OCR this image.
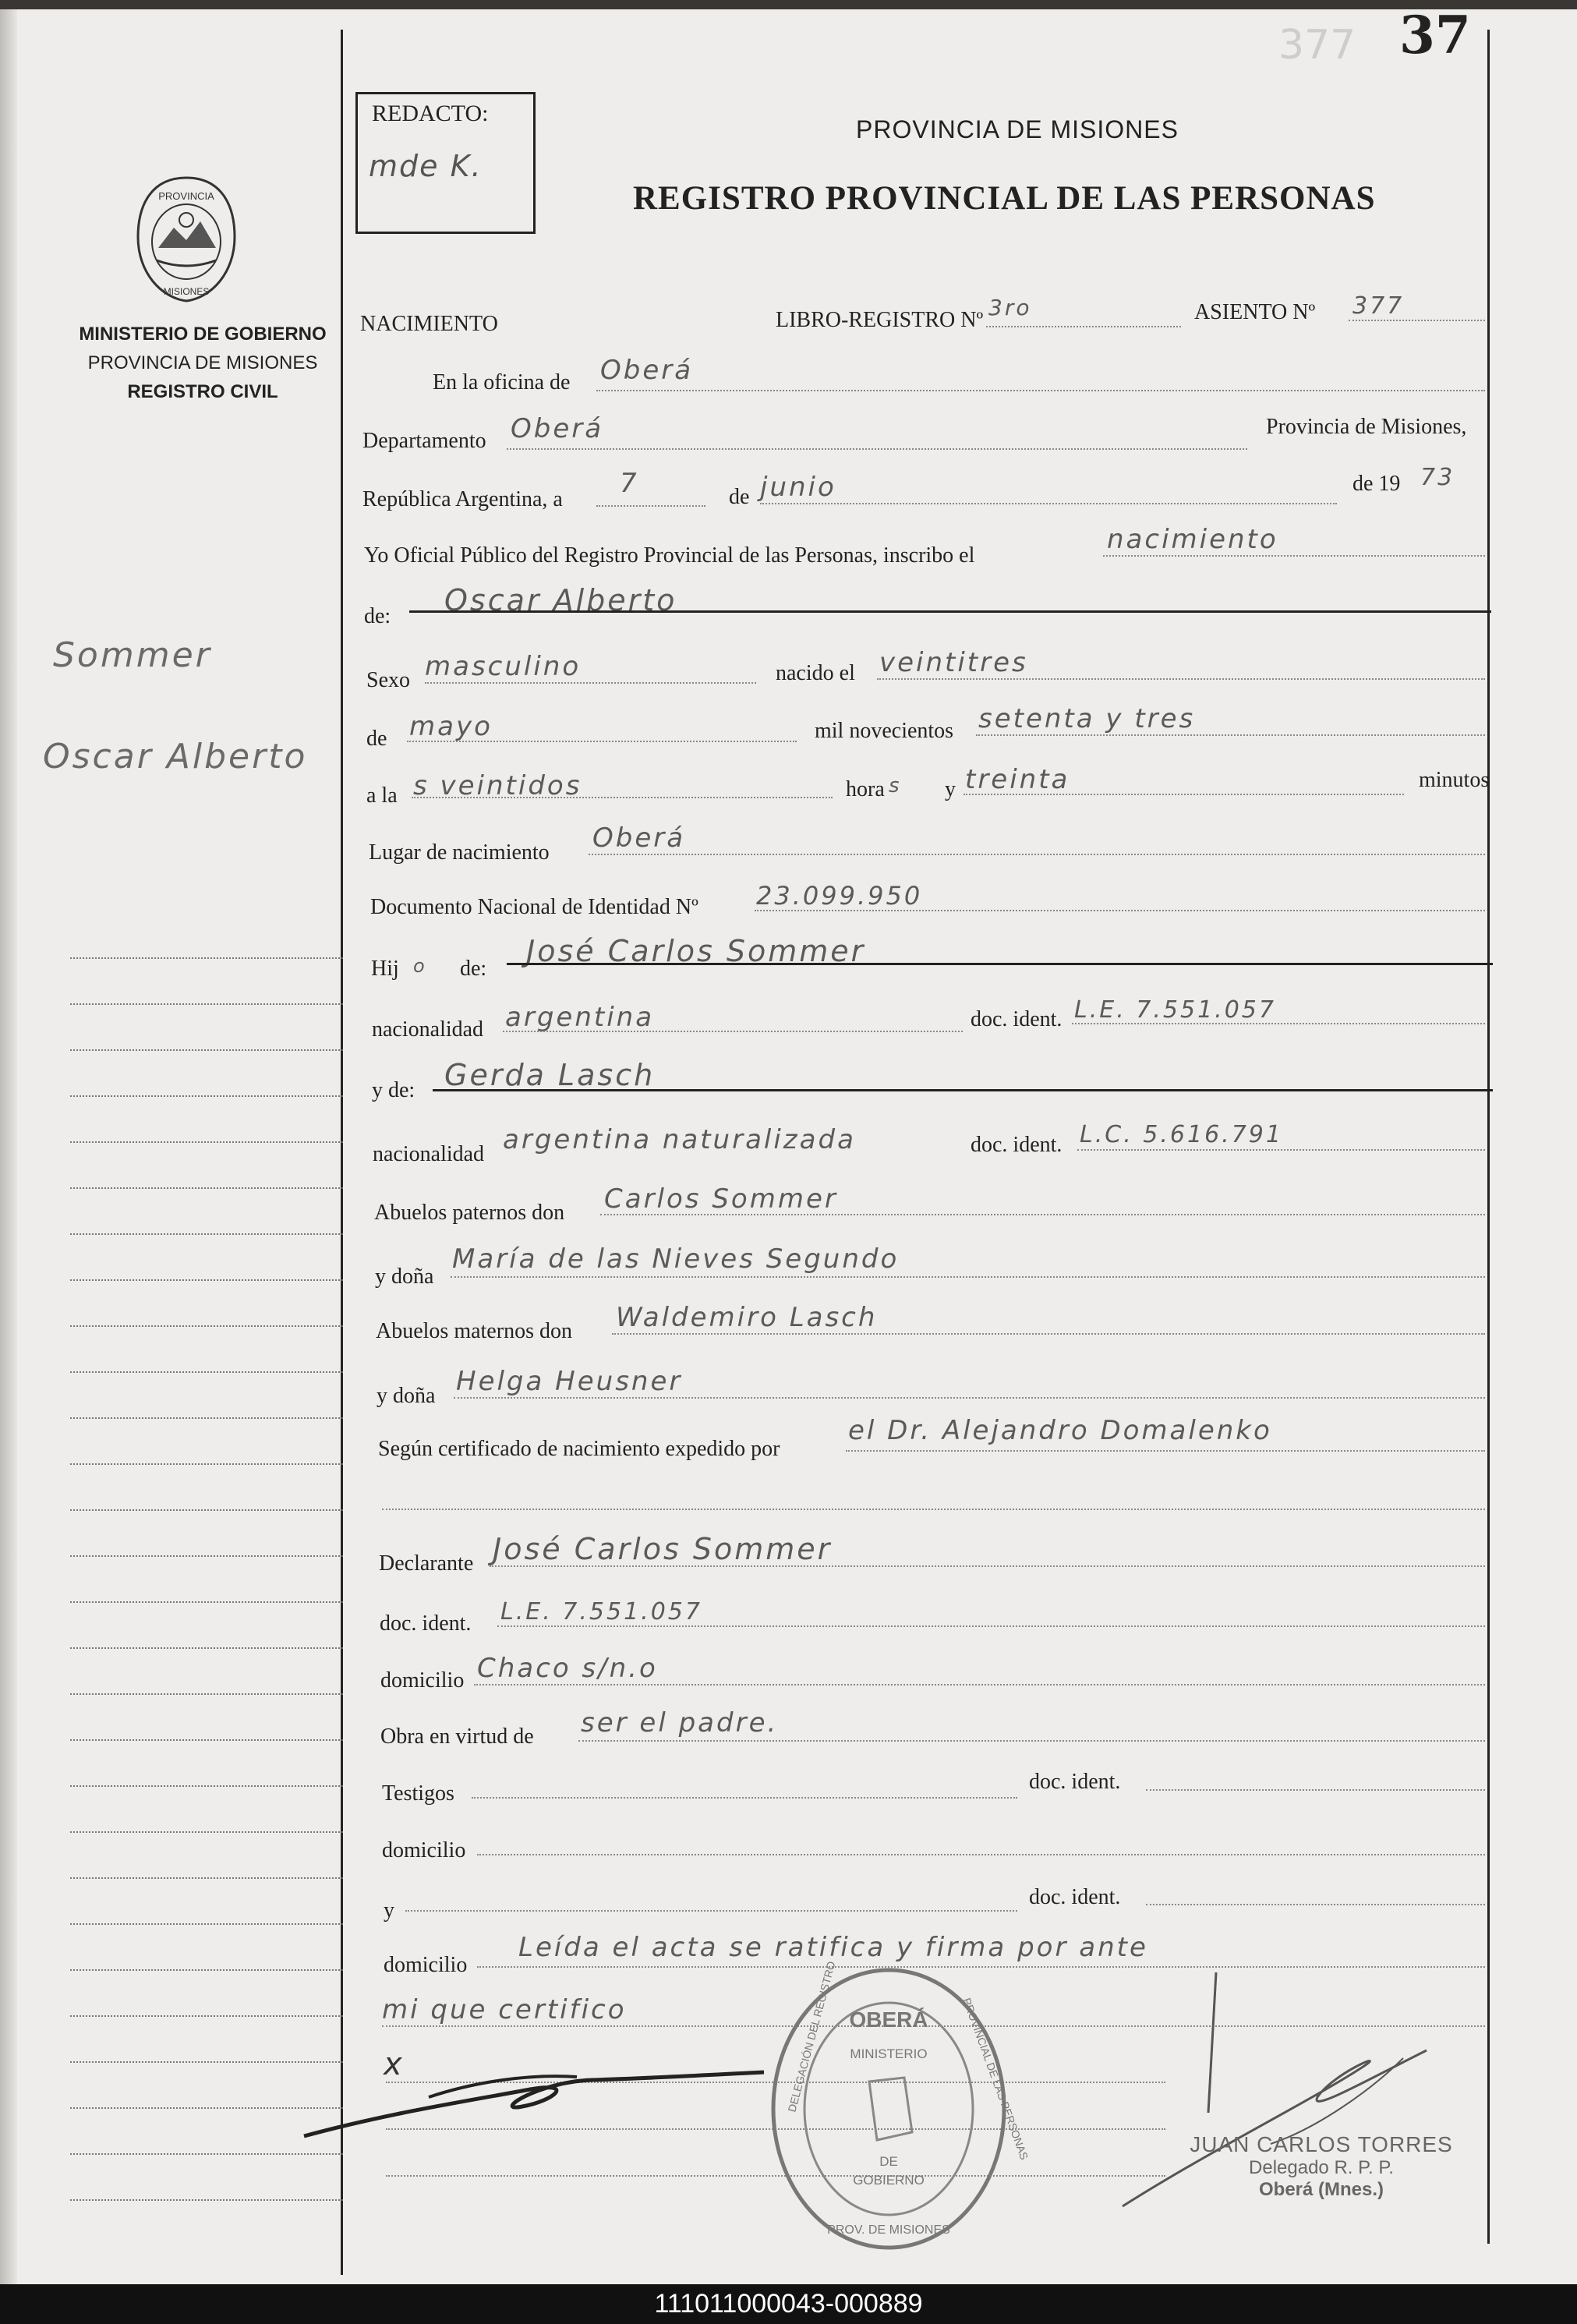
377 37
REDACTO:
mde K.
PROVINCIA DE MISIONES
REGISTRO PROVINCIAL DE LAS PERSONAS
PROVINCIA
MISIONES
MINISTERIO DE GOBIERNO
PROVINCIA DE MISIONES
REGISTRO CIVIL
Sommer
Oscar Alberto
NACIMIENTO	LIBRO-REGISTRO Nº 3ro	ASIENTO Nº 377
En la oficina de Oberá
Departamento Oberá	Provincia de Misiones,
República Argentina, a
7	de junio	de 19 73
Yo Oficial Público del Registro Provincial de las Personas, inscribo el
nacimiento
de: Oscar Alberto
Sexo masculino	nacido el veintitres
de mayo	mil novecientos setenta y tres
a la s veintidos	hora s y treinta	minutos
Lugar de nacimiento Oberá
Documento Nacional de Identidad Nº 23.099.950
Hij o de:
José Carlos Sommer
nacionalidad argentina	doc. ident. L.E. 7.551.057
y de: Gerda Lasch
nacionalidad argentina naturalizada	doc. ident. L.C. 5.616.791
Abuelos paternos don Carlos Sommer
y doña
María de las Nieves Segundo
Abuelos maternos don Waldemiro Lasch
y doña Helga Heusner
Según certificado de nacimiento expedido por
el Dr. Alejandro Domalenko
Declarante José Carlos Sommer
doc. ident. L.E. 7.551.057
domicilio Chaco s/n.o
Obra en virtud de ser el padre.
Testigos	doc. ident.
domicilio
y
doc. ident.
domicilio
Leída el acta se ratifica y firma por ante
mi que certifico
x
OBERÁ
MINISTERIO
DE
GOBIERNO
DELEGACIÓN DEL REGISTRO	PROVINCIAL DE LAS PERSONAS
PROV. DE MISIONES
JUAN CARLOS TORRES
Delegado R. P. P.
Oberá (Mnes.)
111011000043-000889
